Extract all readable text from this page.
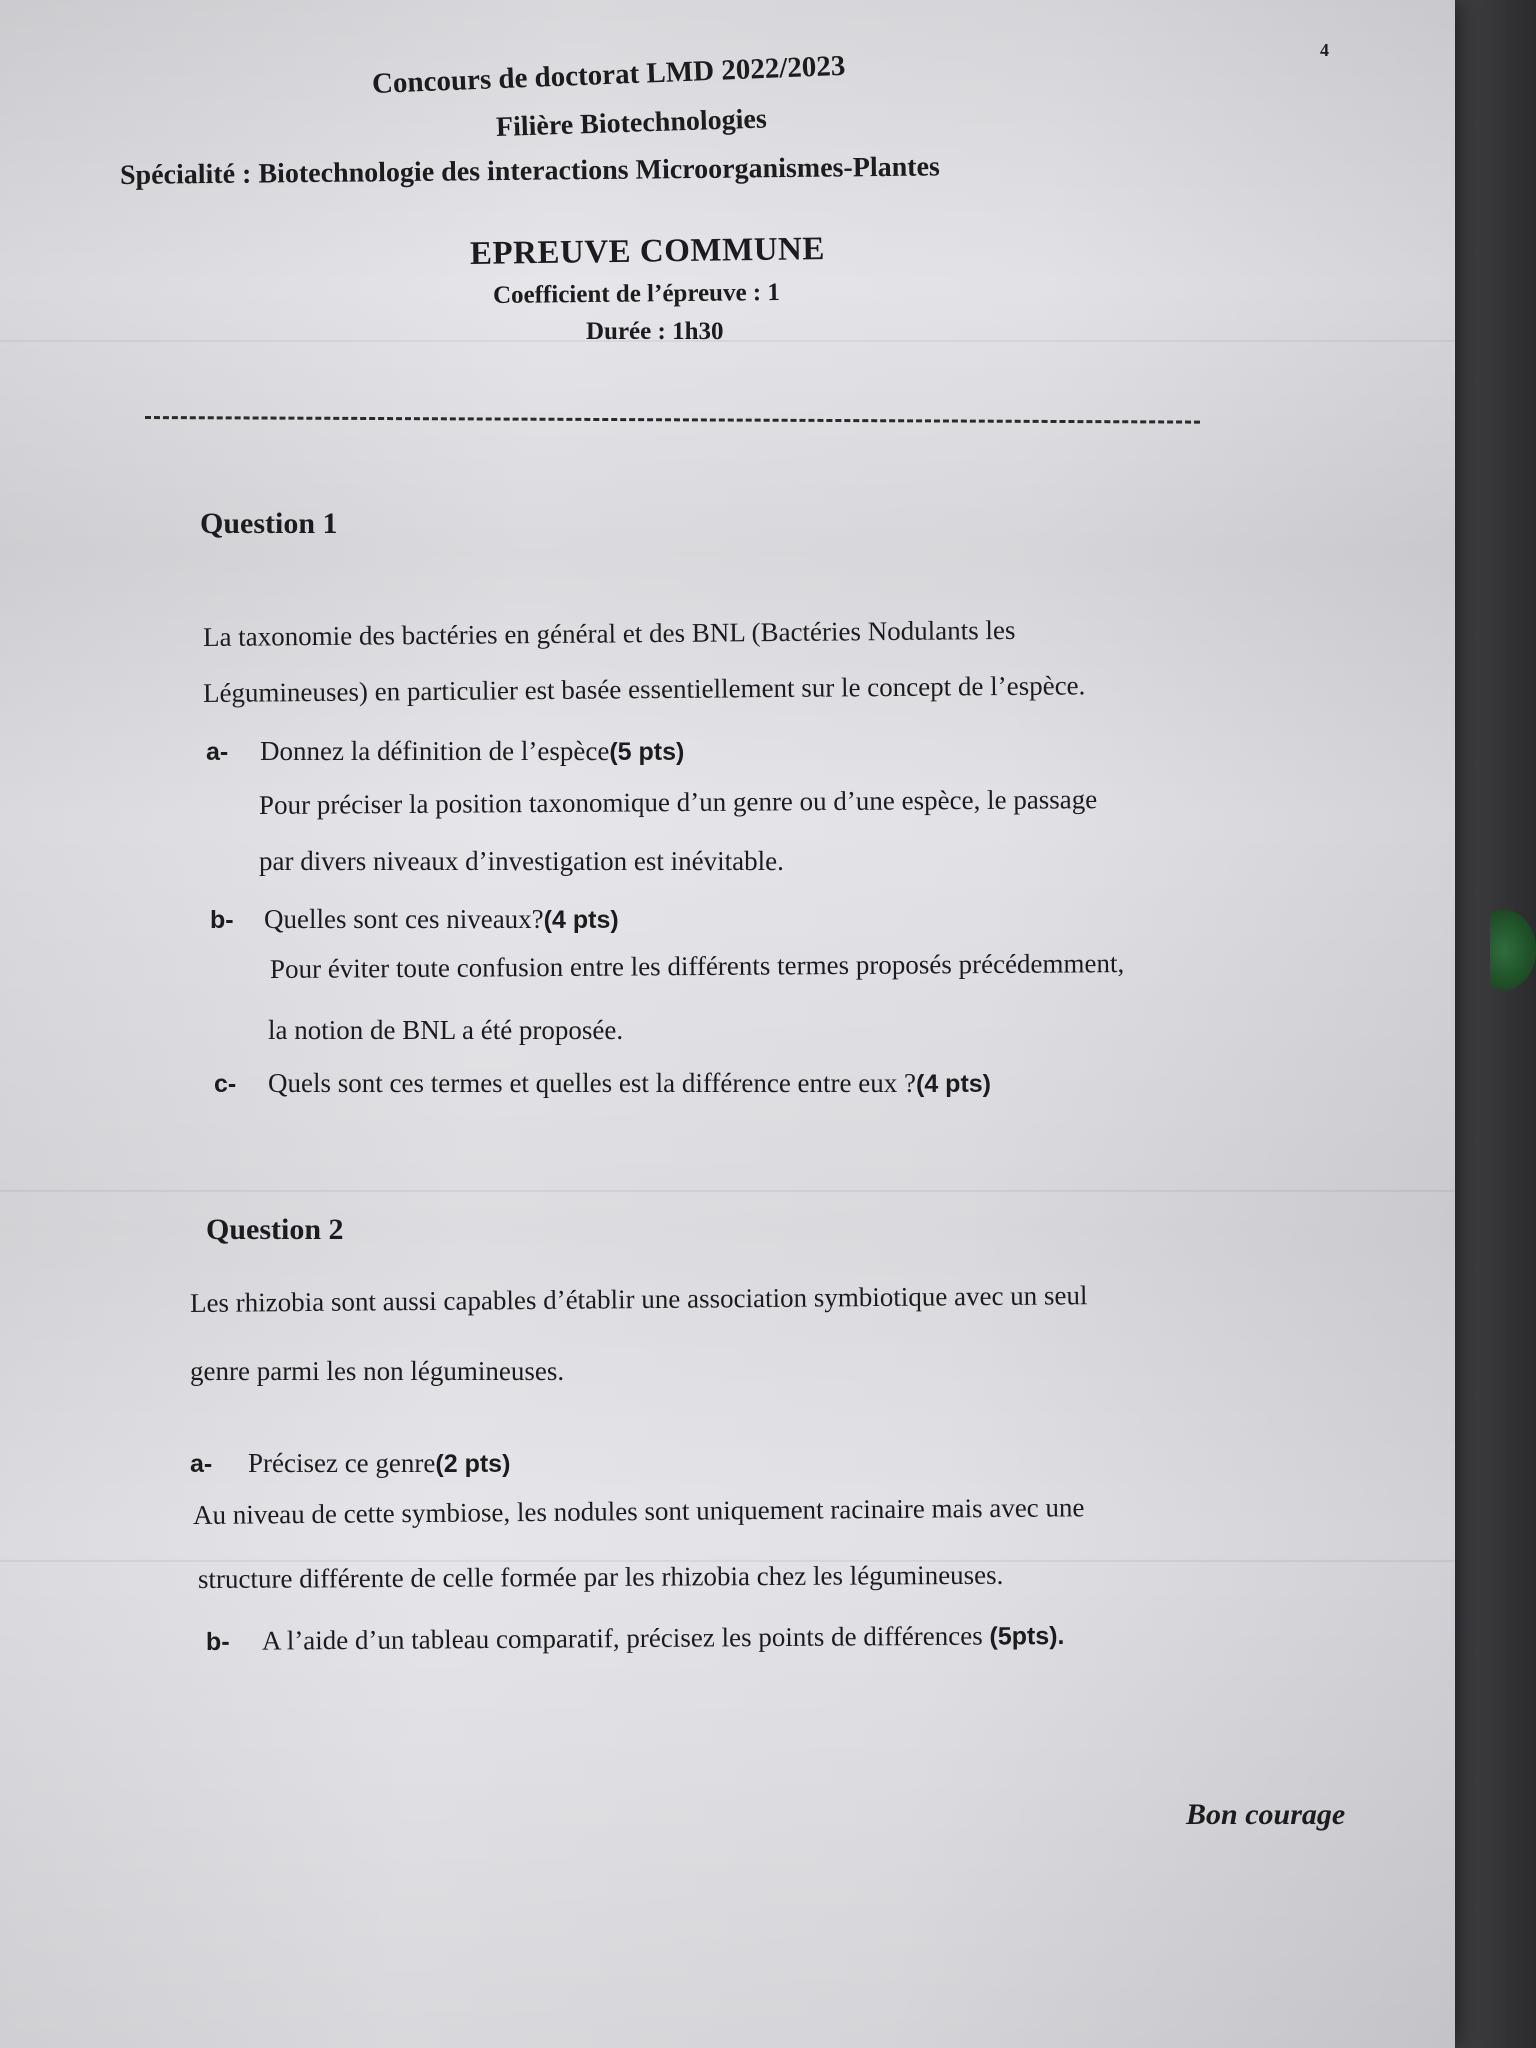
4
Concours de doctorat LMD 2022/2023
Filière Biotechnologies
Spécialité : Biotechnologie des interactions Microorganismes-Plantes
EPREUVE COMMUNE
Coefficient de l’épreuve : 1
Durée : 1h30
Question 1
La taxonomie des bactéries en général et des BNL (Bactéries Nodulants les
Légumineuses) en particulier est basée essentiellement sur le concept de l’espèce.
a- Donnez la définition de l’espèce(5 pts)
Pour préciser la position taxonomique d’un genre ou d’une espèce, le passage
par divers niveaux d’investigation est inévitable.
b- Quelles sont ces niveaux?(4 pts)
Pour éviter toute confusion entre les différents termes proposés précédemment,
la notion de BNL a été proposée.
c- Quels sont ces termes et quelles est la différence entre eux ?(4 pts)
Question 2
Les rhizobia sont aussi capables d’établir une association symbiotique avec un seul
genre parmi les non légumineuses.
a- Précisez ce genre(2 pts)
Au niveau de cette symbiose, les nodules sont uniquement racinaire mais avec une
structure différente de celle formée par les rhizobia chez les légumineuses.
b- A l’aide d’un tableau comparatif, précisez les points de différences (5pts).
Bon courage
